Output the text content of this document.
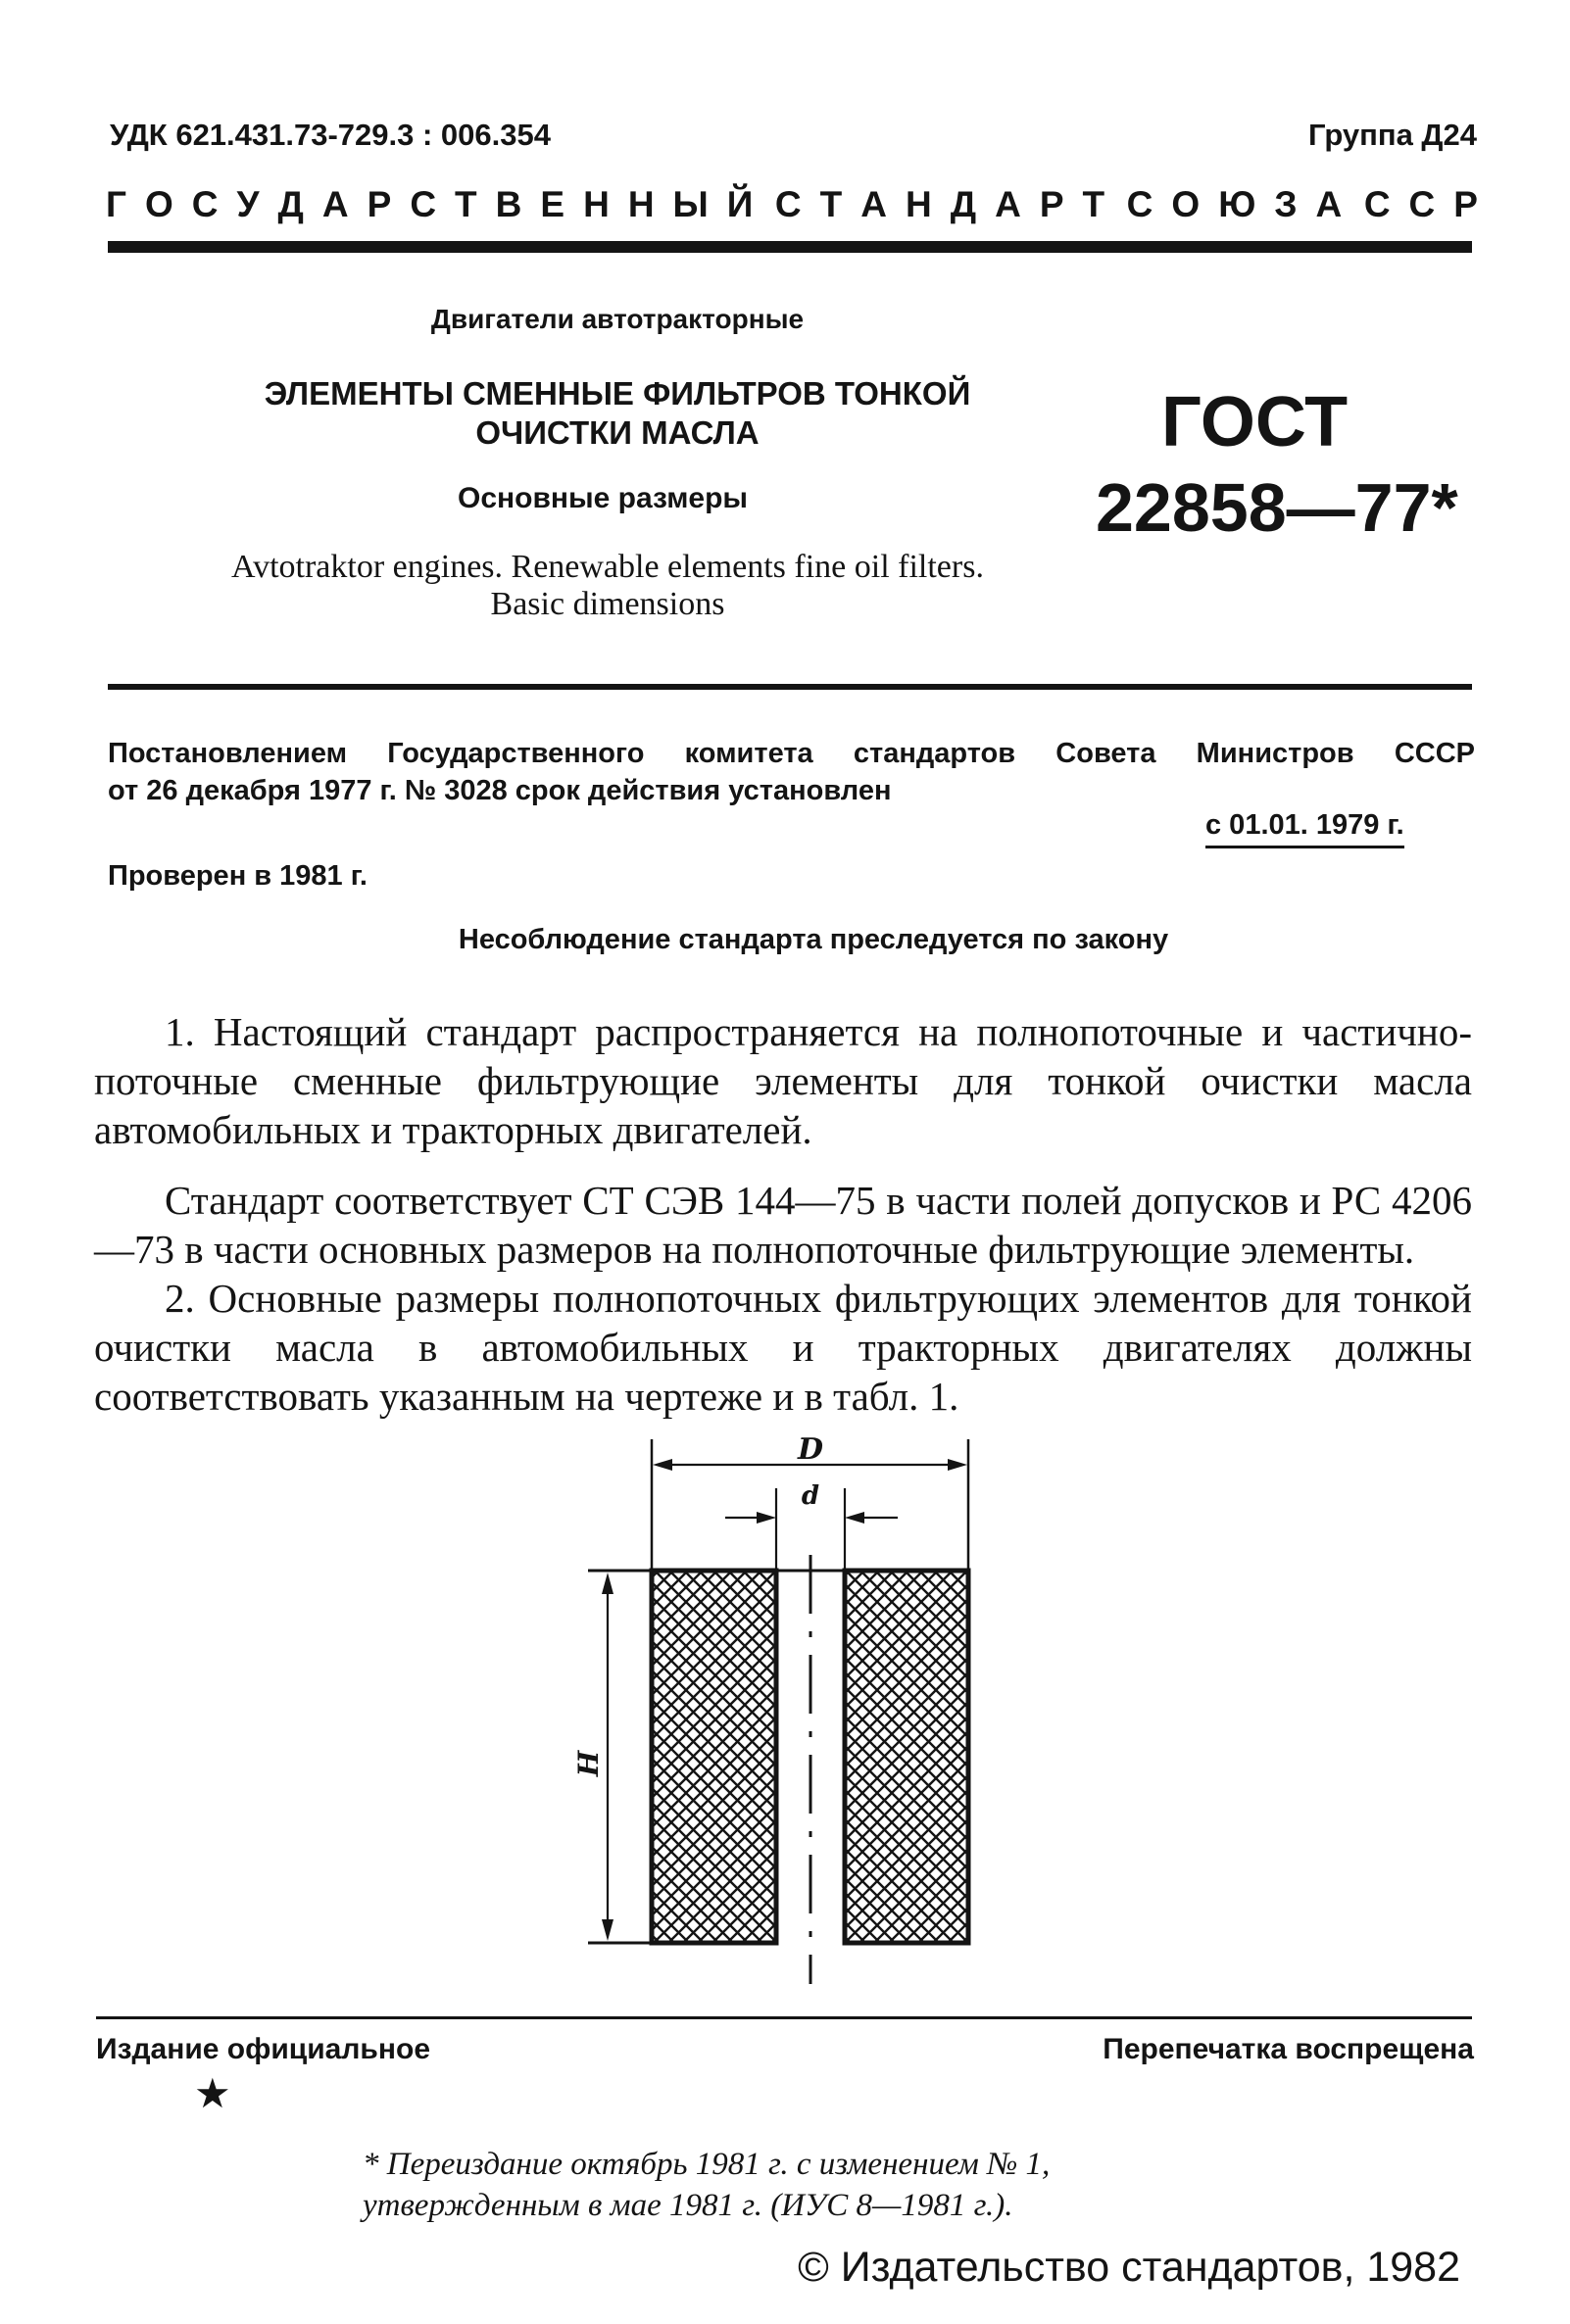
УДК 621.431.73-729.3 : 006.354	Группа Д24
Г О С У Д А Р С Т В Е Н Н Ы Й С Т А Н Д А Р Т С О Ю З А С С Р
Двигатели автотракторные
ЭЛЕМЕНТЫ СМЕННЫЕ ФИЛЬТРОВ ТОНКОЙ
ОЧИСТКИ МАСЛА
Основные размеры
Avtotraktor engines. Renewable elements fine oil filters.
Basic dimensions
ГОСТ
22858—77*
Постановлением Государственного комитета стандартов Совета Министров СССР
от 26 декабря 1977 г. № 3028 срок действия установлен
с 01.01. 1979 г.
Проверен в 1981 г.
Несоблюдение стандарта преследуется по закону
1. Настоящий стандарт распространяется на полнопоточные и частично-поточные сменные фильтрующие элементы для тонкой очистки масла автомобильных и тракторных двигателей.
Стандарт соответствует СТ СЭВ 144—75 в части полей допусков и РС 4206—73 в части основных размеров на полнопоточные фильтрующие элементы.
2. Основные размеры полнопоточных фильтрующих элементов для тонкой очистки масла в автомобильных и тракторных двигателях должны соответствовать указанным на чертеже и в табл. 1.
D
d
H
Издание официальное	Перепечатка воспрещена
★
* Переиздание октябрь 1981 г. с изменением № 1,
утвержденным в мае 1981 г. (ИУС 8—1981 г.).
© Издательство стандартов, 1982
